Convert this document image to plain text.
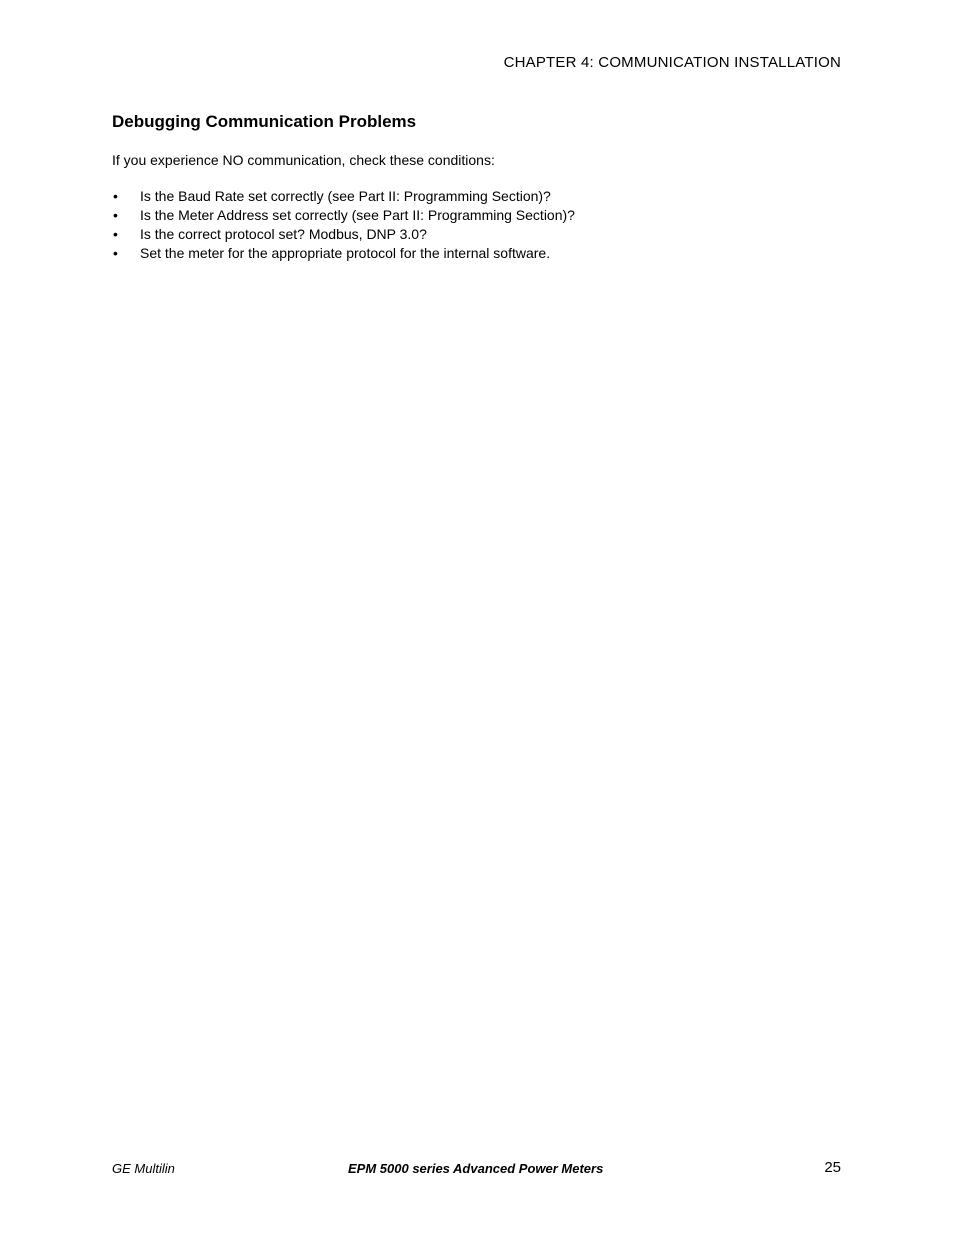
CHAPTER 4: COMMUNICATION INSTALLATION
Debugging Communication Problems
If you experience NO communication, check these conditions:
• Is the Baud Rate set correctly (see Part II: Programming Section)?
• Is the Meter Address set correctly (see Part II: Programming Section)?
• Is the correct protocol set? Modbus, DNP 3.0?
• Set the meter for the appropriate protocol for the internal software.
GE Multilin	EPM 5000 series Advanced Power Meters	25
